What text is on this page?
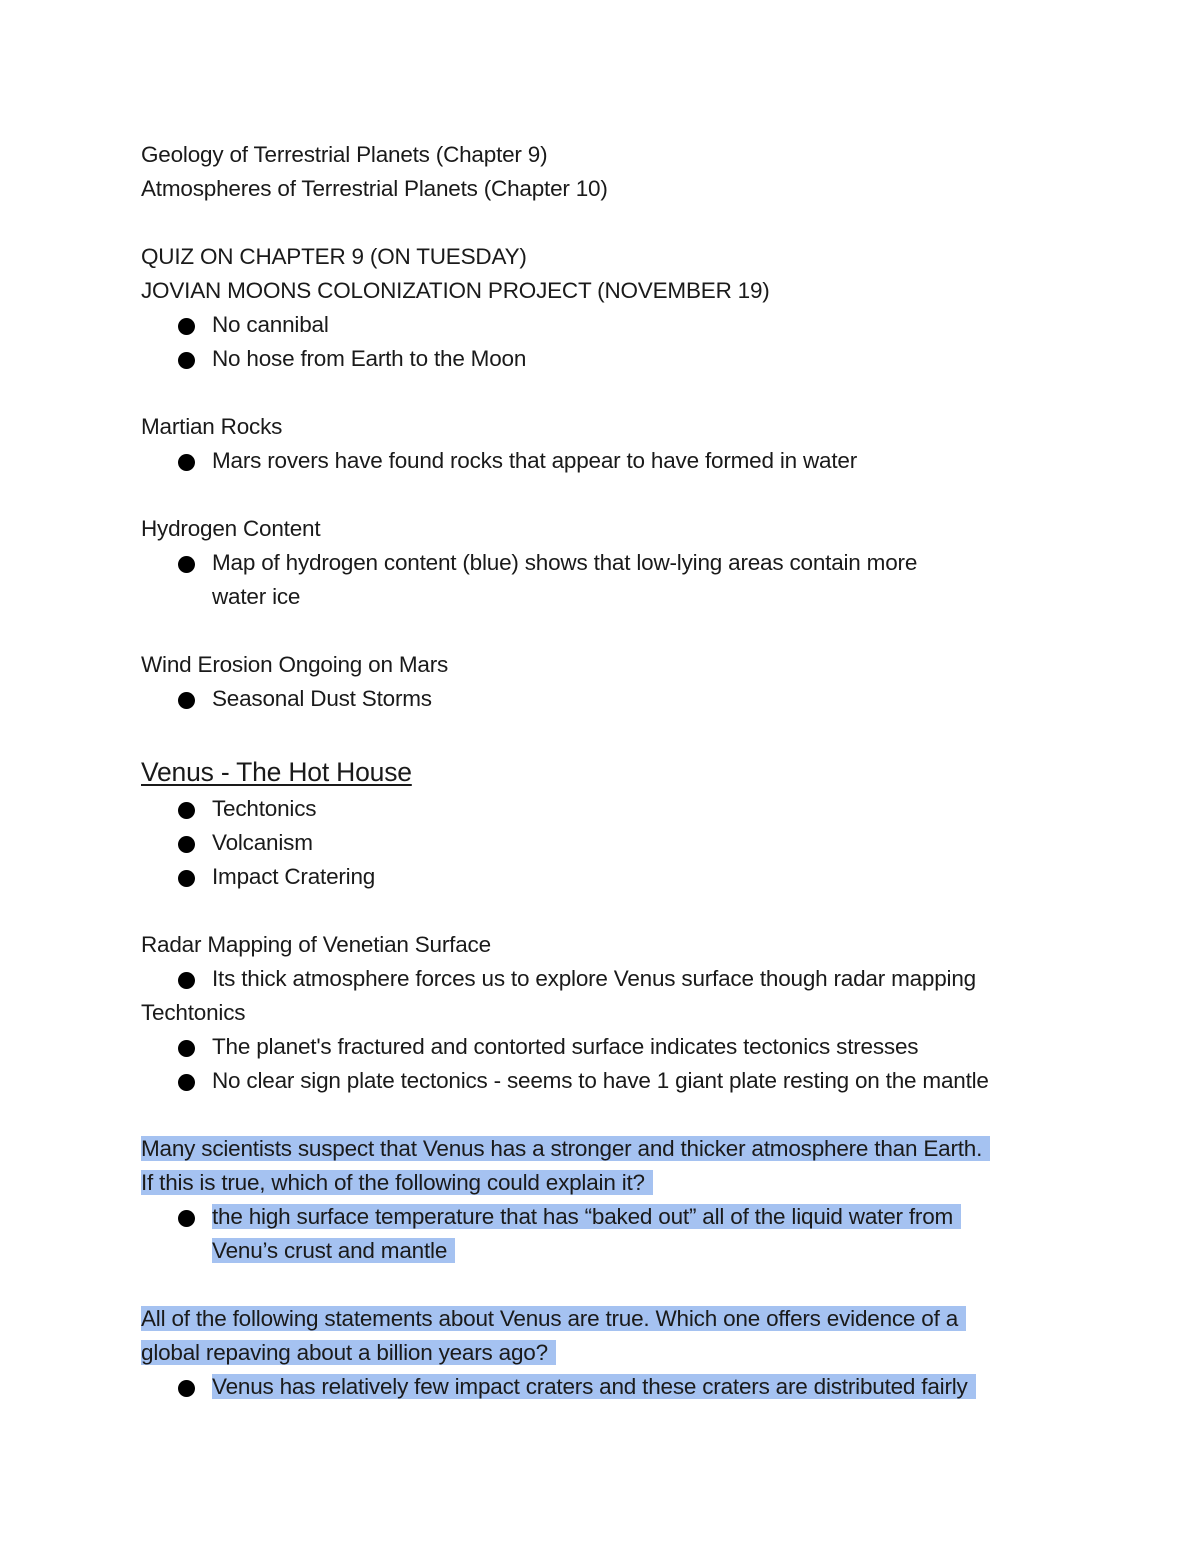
Geology of Terrestrial Planets (Chapter 9)
Atmospheres of Terrestrial Planets (Chapter 10)
QUIZ ON CHAPTER 9 (ON TUESDAY)
JOVIAN MOONS COLONIZATION PROJECT (NOVEMBER 19)
No cannibal
No hose from Earth to the Moon
Martian Rocks
Mars rovers have found rocks that appear to have formed in water
Hydrogen Content
Map of hydrogen content (blue) shows that low-lying areas contain more water ice
Wind Erosion Ongoing on Mars
Seasonal Dust Storms
Venus - The Hot House
Techtonics
Volcanism
Impact Cratering
Radar Mapping of Venetian Surface
Its thick atmosphere forces us to explore Venus surface though radar mapping
Techtonics
The planet's fractured and contorted surface indicates tectonics stresses
No clear sign plate tectonics - seems to have 1 giant plate resting on the mantle
Many scientists suspect that Venus has a stronger and thicker atmosphere than Earth.
If this is true, which of the following could explain it?
the high surface temperature that has “baked out” all of the liquid water from Venu’s crust and mantle
All of the following statements about Venus are true. Which one offers evidence of a
global repaving about a billion years ago?
Venus has relatively few impact craters and these craters are distributed fairly
